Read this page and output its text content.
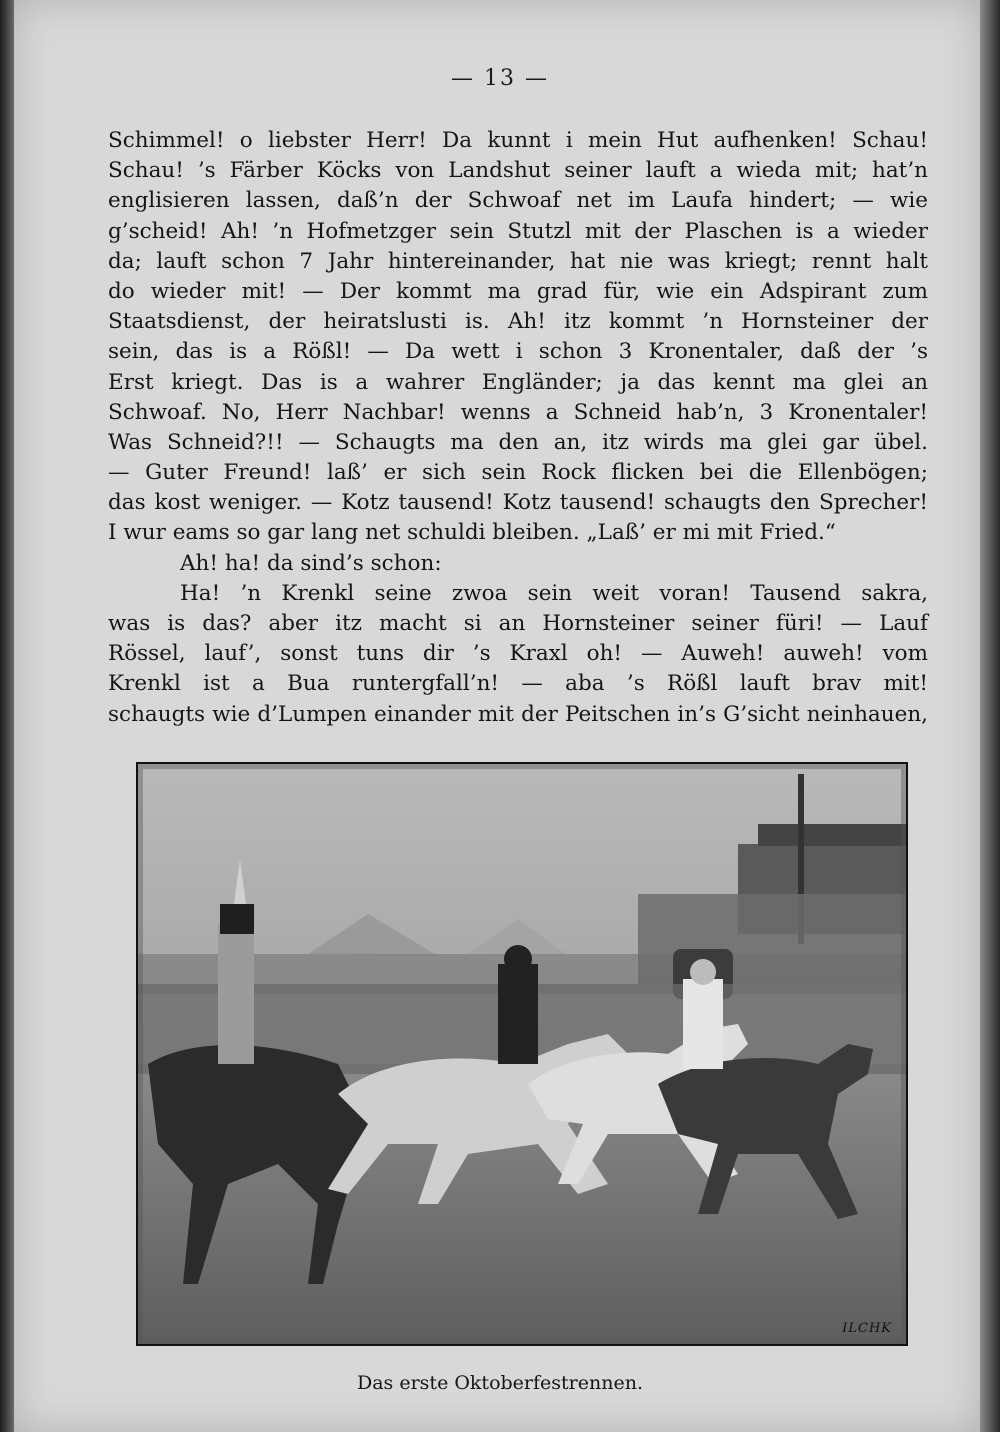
— 13 —
Schimmel! o liebster Herr! Da kunnt i mein Hut aufhenken! Schau!
Schau! ’s Färber Köcks von Landshut seiner lauft a wieda mit; hat’n
englisieren lassen, daß’n der Schwoaf net im Laufa hindert; — wie
g’scheid! Ah! ’n Hofmetzger sein Stutzl mit der Plaschen is a wieder
da; lauft schon 7 Jahr hintereinander, hat nie was kriegt; rennt halt
do wieder mit! — Der kommt ma grad für, wie ein Adspirant zum
Staatsdienst, der heiratslusti is. Ah! itz kommt ’n Hornsteiner der
sein, das is a Rößl! — Da wett i schon 3 Kronentaler, daß der ’s
Erst kriegt. Das is a wahrer Engländer; ja das kennt ma glei an
Schwoaf. No, Herr Nachbar! wenns a Schneid hab’n, 3 Kronentaler!
Was Schneid?!! — Schaugts ma den an, itz wirds ma glei gar übel.
— Guter Freund! laß’ er sich sein Rock flicken bei die Ellenbögen;
das kost weniger. — Kotz tausend! Kotz tausend! schaugts den Sprecher!
I wur eams so gar lang net schuldi bleiben. „Laß’ er mi mit Fried.“
Ah! ha! da sind’s schon:
Ha! ’n Krenkl seine zwoa sein weit voran! Tausend sakra,
was is das? aber itz macht si an Hornsteiner seiner füri! — Lauf
Rössel, lauf’, sonst tuns dir ’s Kraxl oh! — Auweh! auweh! vom
Krenkl ist a Bua runtergfall’n! — aba ’s Rößl lauft brav mit!
schaugts wie d’Lumpen einander mit der Peitschen in’s G’sicht neinhauen,
ILCHK
Das erste Oktoberfestrennen.
